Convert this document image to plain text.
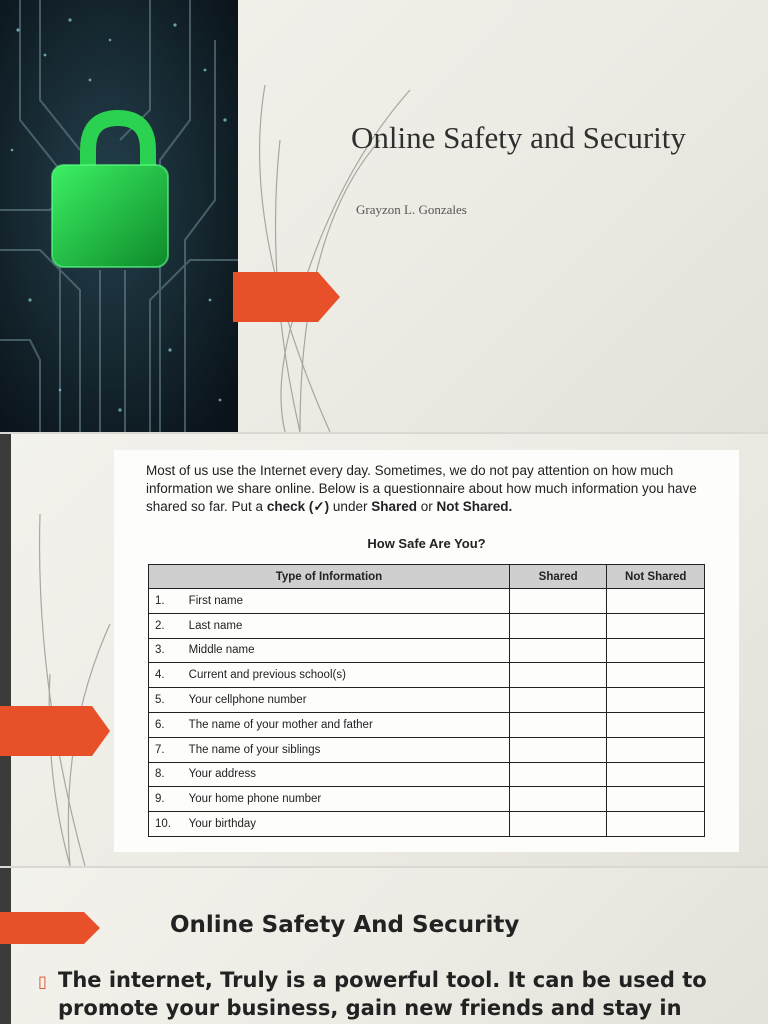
Online Safety and Security
Grayzon L. Gonzales
Most of us use the Internet every day. Sometimes, we do not pay attention on how much information we share online. Below is a questionnaire about how much information you have shared so far. Put a check (✓) under Shared or Not Shared.
How Safe Are You?
Type of Information		Shared	Not Shared
1.	First name		
2.	Last name		
3.	Middle name		
4.	Current and previous school(s)		
5.	Your cellphone number		
6.	The name of your mother and father		
7.	The name of your siblings		
8.	Your address		
9.	Your home phone number		
10.	Your birthday		
Online Safety And Security
▯ The internet, Truly is a powerful tool. It can be used to promote your business, gain new friends and stay in
